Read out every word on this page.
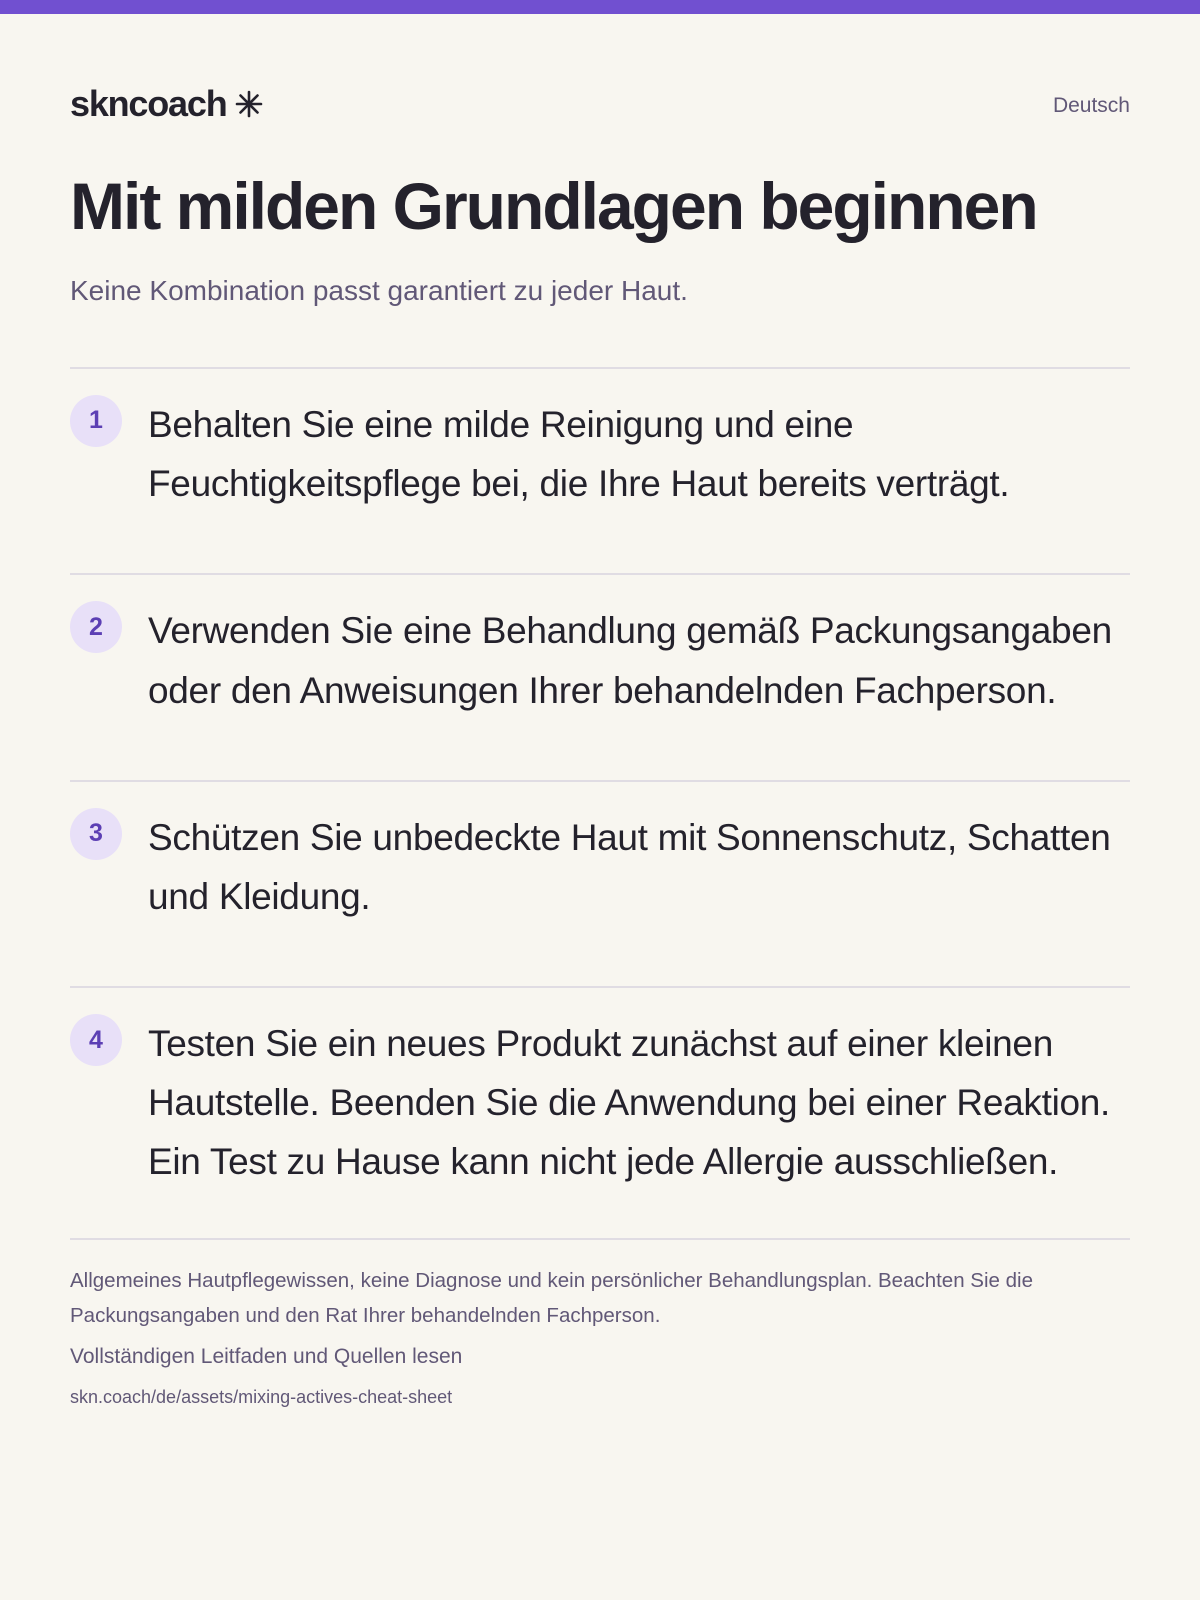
skncoach	Deutsch
Mit milden Grundlagen beginnen

Keine Kombination passt garantiert zu jeder Haut.

1	Behalten Sie eine milde Reinigung und eine Feuchtigkeitspflege bei, die Ihre Haut bereits verträgt.

2	Verwenden Sie eine Behandlung gemäß Packungsangaben oder den Anweisungen Ihrer behandelnden Fachperson.

3	Schützen Sie unbedeckte Haut mit Sonnenschutz, Schatten und Kleidung.

4	Testen Sie ein neues Produkt zunächst auf einer kleinen Hautstelle. Beenden Sie die Anwendung bei einer Reaktion. Ein Test zu Hause kann nicht jede Allergie ausschließen.

Allgemeines Hautpflegewissen, keine Diagnose und kein persönlicher Behandlungsplan. Beachten Sie die Packungsangaben und den Rat Ihrer behandelnden Fachperson.

Vollständigen Leitfaden und Quellen lesen

skn.coach/de/assets/mixing-actives-cheat-sheet
